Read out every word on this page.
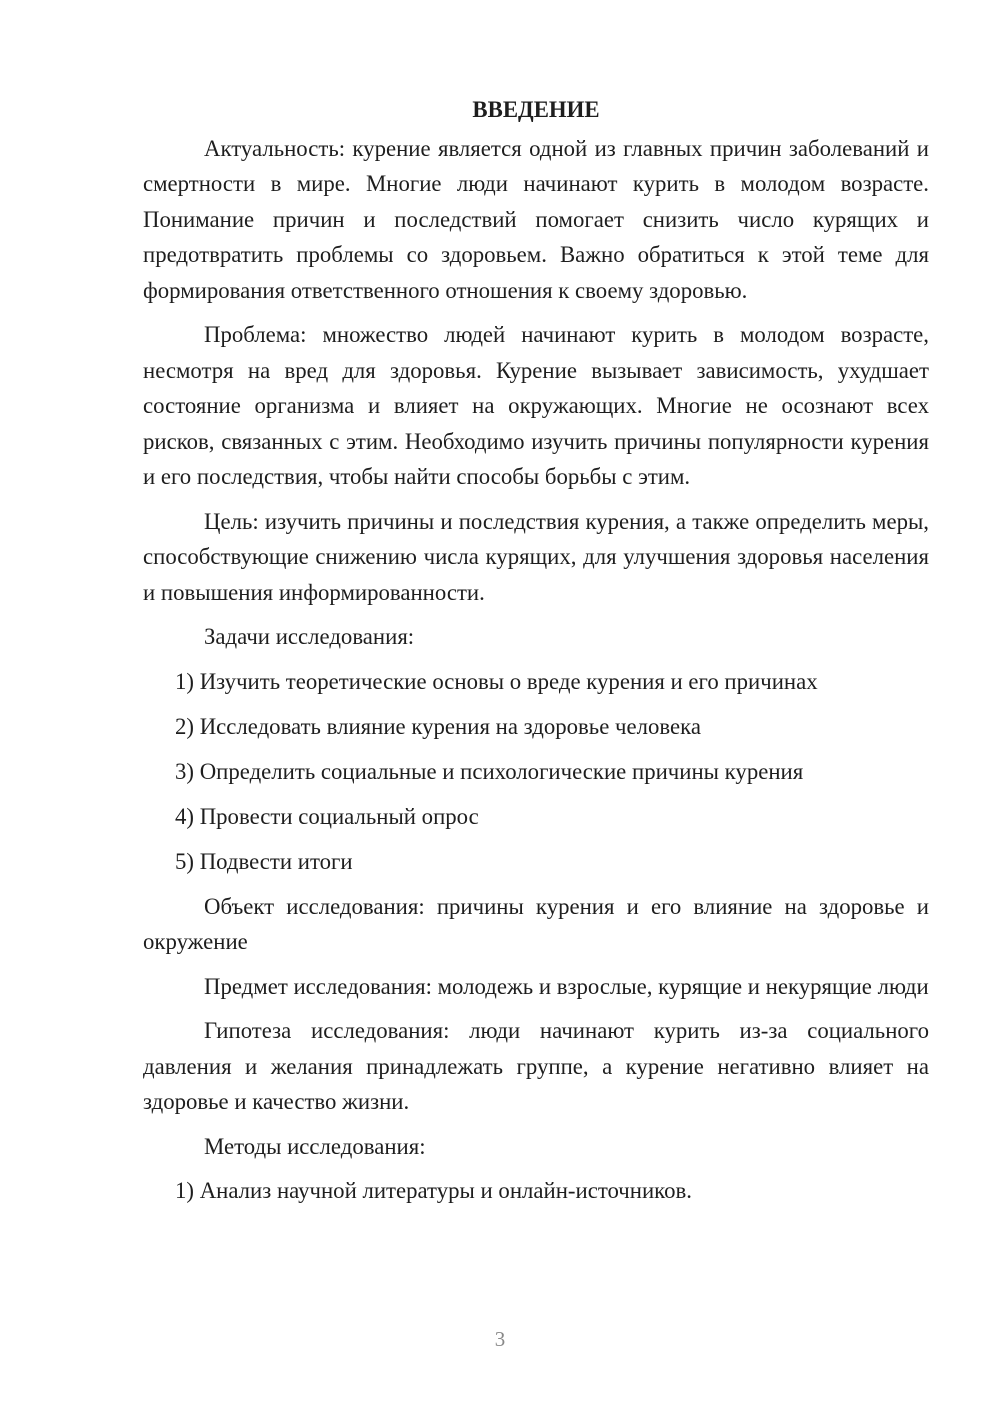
ВВЕДЕНИЕ

Актуальность: курение является одной из главных причин заболеваний и смертности в мире. Многие люди начинают курить в молодом возрасте. Понимание причин и последствий помогает снизить число курящих и предотвратить проблемы со здоровьем. Важно обратиться к этой теме для формирования ответственного отношения к своему здоровью.

Проблема: множество людей начинают курить в молодом возрасте, несмотря на вред для здоровья. Курение вызывает зависимость, ухудшает состояние организма и влияет на окружающих. Многие не осознают всех рисков, связанных с этим. Необходимо изучить причины популярности курения и его последствия, чтобы найти способы борьбы с этим.

Цель: изучить причины и последствия курения, а также определить меры, способствующие снижению числа курящих, для улучшения здоровья населения и повышения информированности.

Задачи исследования:

1) Изучить теоретические основы о вреде курения и его причинах

2) Исследовать влияние курения на здоровье человека

3) Определить социальные и психологические причины курения

4) Провести социальный опрос

5) Подвести итоги

Объект исследования: причины курения и его влияние на здоровье и окружение

Предмет исследования: молодежь и взрослые, курящие и некурящие люди

Гипотеза исследования: люди начинают курить из-за социального давления и желания принадлежать группе, а курение негативно влияет на здоровье и качество жизни.

Методы исследования:

1) Анализ научной литературы и онлайн-источников.

3
